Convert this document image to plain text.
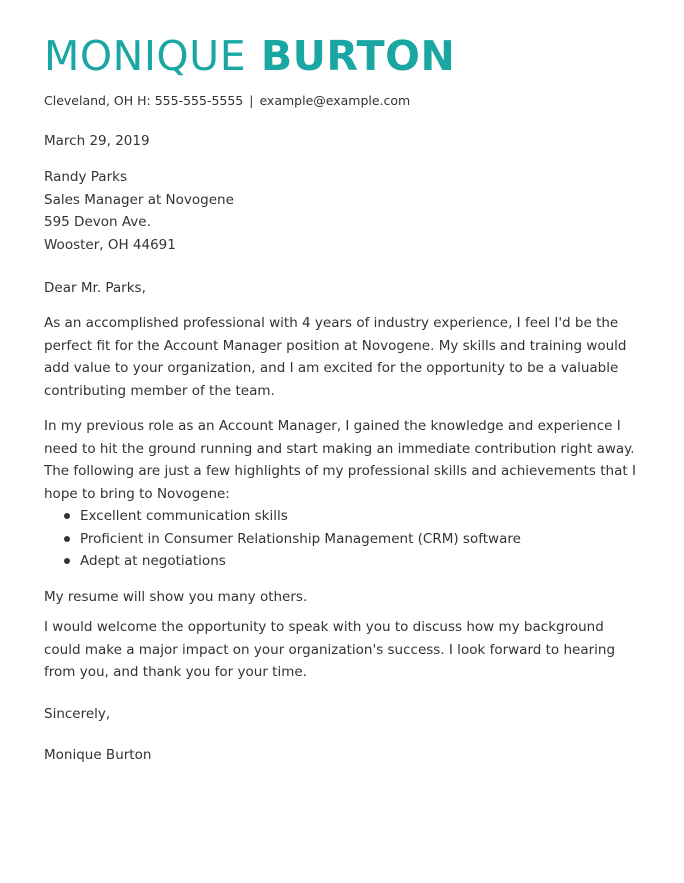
MONIQUE BURTON
Cleveland, OH H: 555-555-5555 | example@example.com
March 29, 2019

Randy Parks

Sales Manager at Novogene

595 Devon Ave.

Wooster, OH 44691

Dear Mr. Parks,
As an accomplished professional with 4 years of industry experience, I feel I'd be the perfect fit for the Account Manager position at Novogene. My skills and training would add value to your organization, and I am excited for the opportunity to be a valuable contributing member of the team.
In my previous role as an Account Manager, I gained the knowledge and experience I need to hit the ground running and start making an immediate contribution right away. The following are just a few highlights of my professional skills and achievements that I hope to bring to Novogene:
Excellent communication skills
Proficient in Consumer Relationship Management (CRM) software
Adept at negotiations
My resume will show you many others.
I would welcome the opportunity to speak with you to discuss how my background could make a major impact on your organization's success. I look forward to hearing from you, and thank you for your time.
Sincerely,
Monique Burton
